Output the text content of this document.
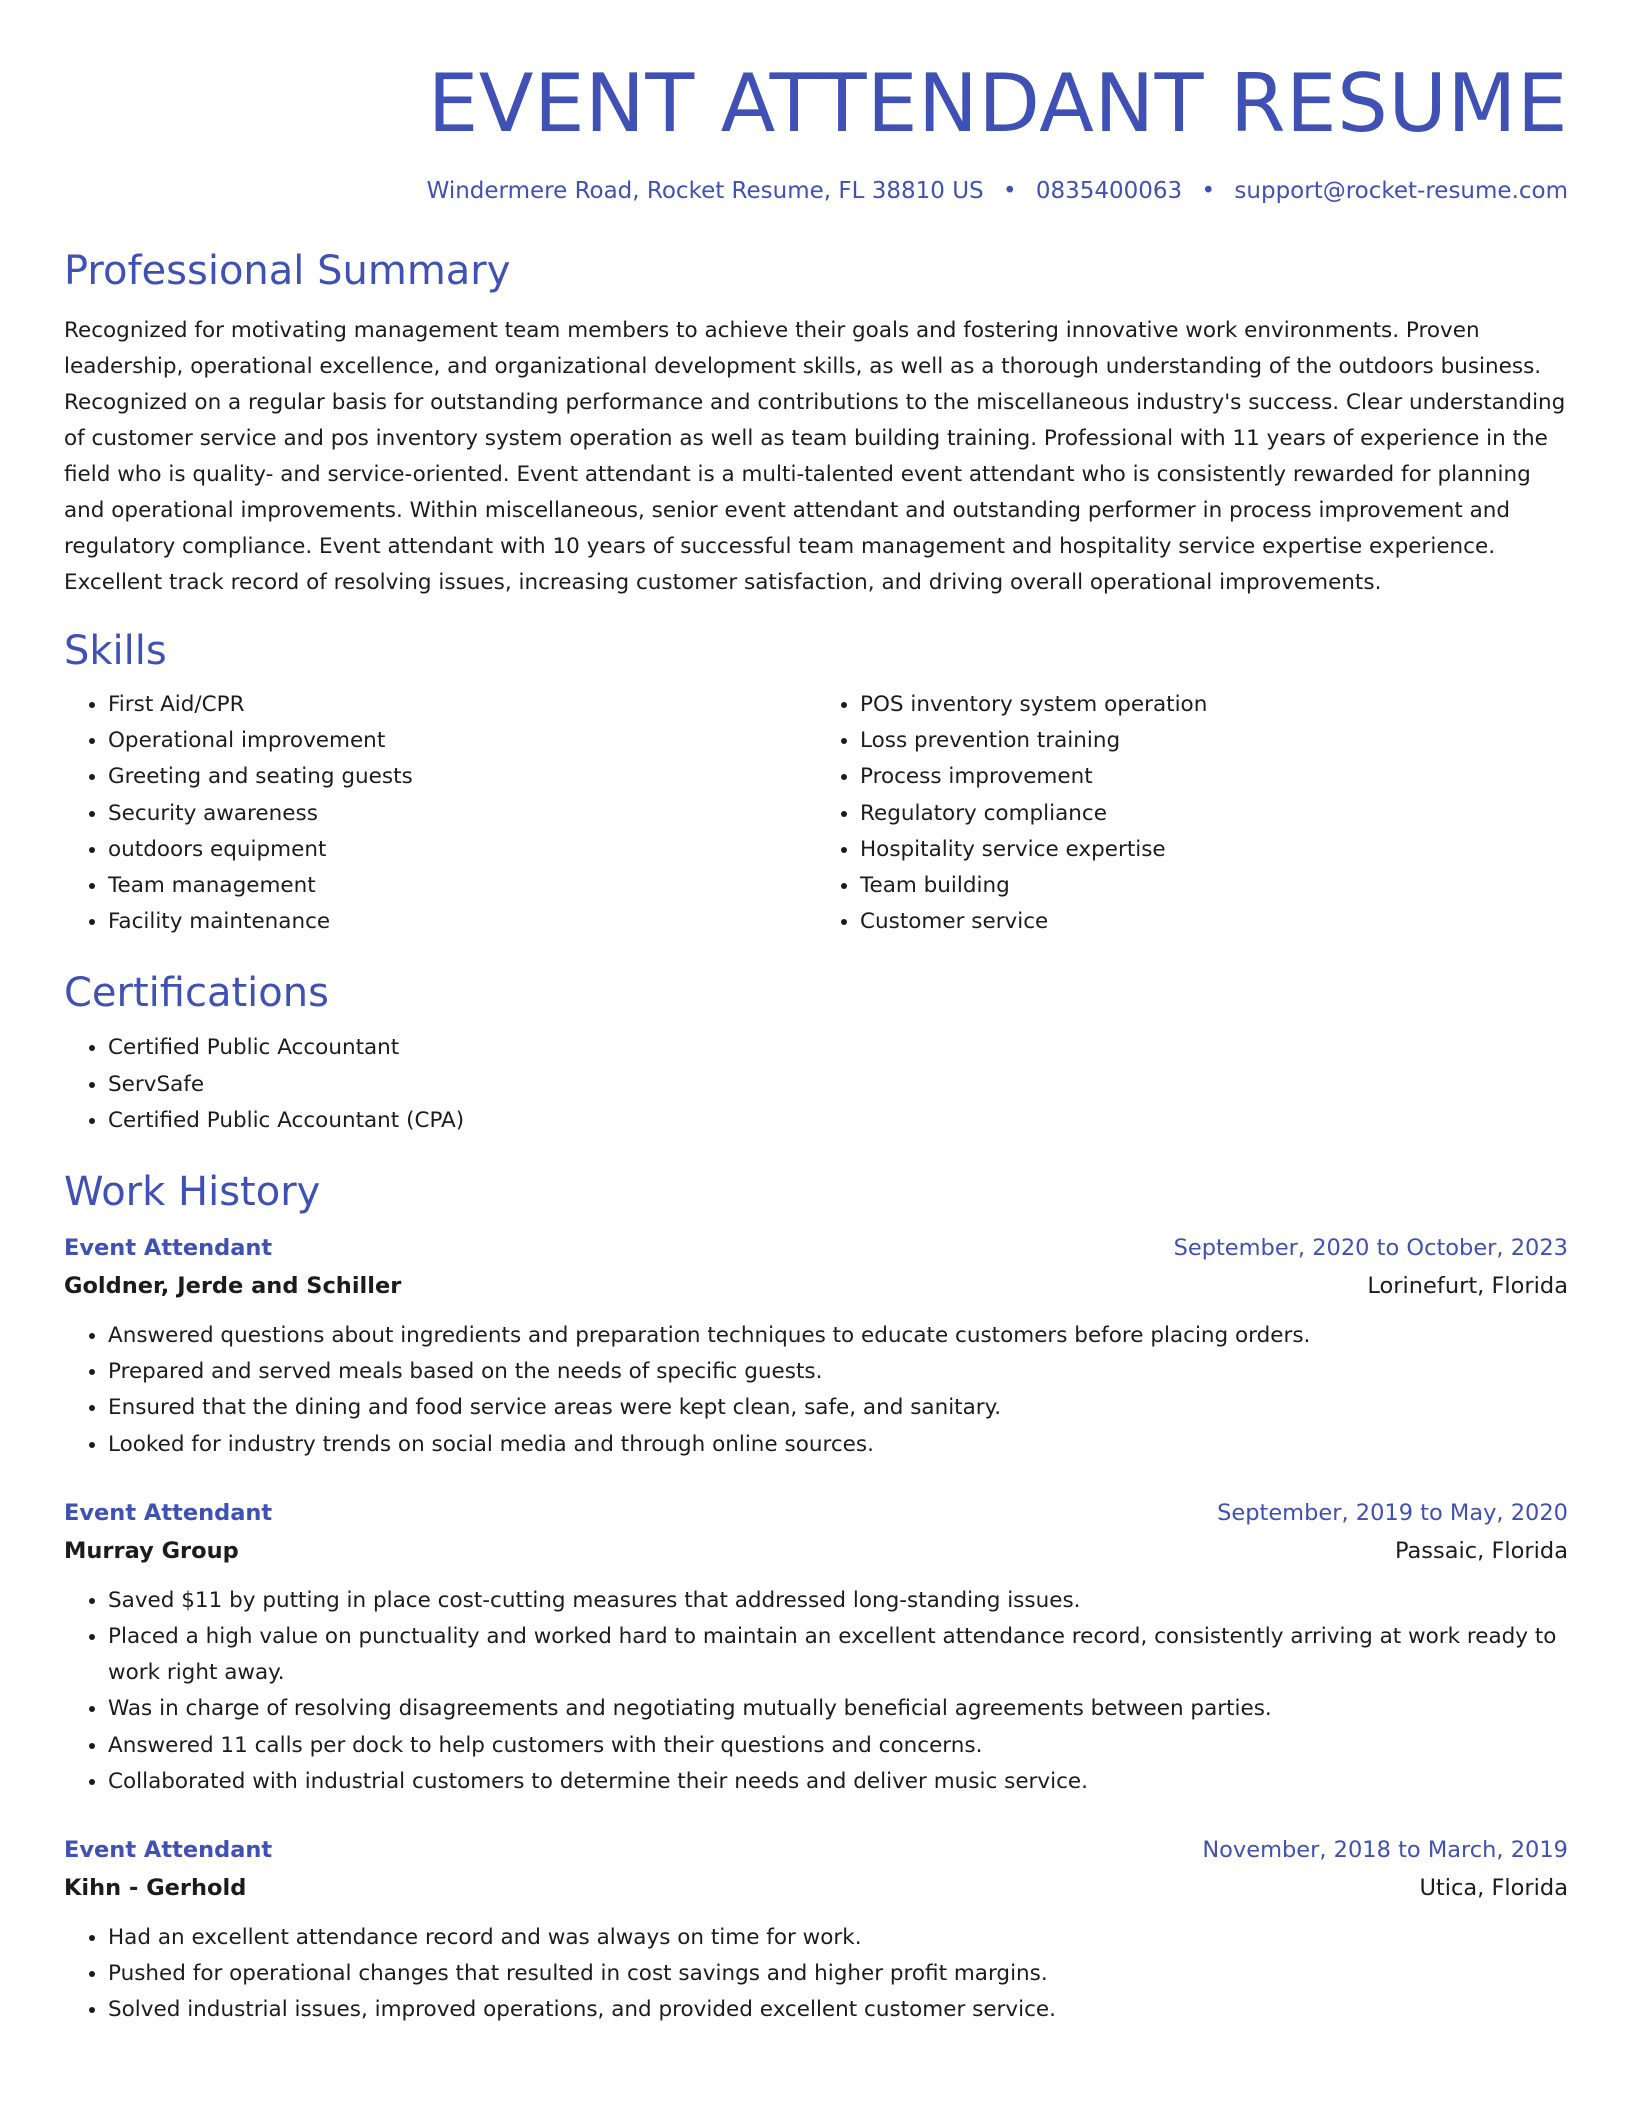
EVENT ATTENDANT RESUME
Windermere Road, Rocket Resume, FL 38810 US • 0835400063 • support@rocket-resume.com
Professional Summary

Recognized for motivating management team members to achieve their goals and fostering innovative work environments. Proven leadership, operational excellence, and organizational development skills, as well as a thorough understanding of the outdoors business. Recognized on a regular basis for outstanding performance and contributions to the miscellaneous industry's success. Clear understanding of customer service and pos inventory system operation as well as team building training. Professional with 11 years of experience in the field who is quality- and service-oriented. Event attendant is a multi-talented event attendant who is consistently rewarded for planning and operational improvements. Within miscellaneous, senior event attendant and outstanding performer in process improvement and regulatory compliance. Event attendant with 10 years of successful team management and hospitality service expertise experience. Excellent track record of resolving issues, increasing customer satisfaction, and driving overall operational improvements.

Skills
• First Aid/CPR
• Operational improvement
• Greeting and seating guests
• Security awareness
• outdoors equipment
• Team management
• Facility maintenance
• POS inventory system operation
• Loss prevention training
• Process improvement
• Regulatory compliance
• Hospitality service expertise
• Team building
• Customer service
Certifications
• Certified Public Accountant
• ServSafe
• Certified Public Accountant (CPA)
Work History
Event Attendant	September, 2020 to October, 2023
Goldner, Jerde and Schiller	Lorinefurt, Florida
• Answered questions about ingredients and preparation techniques to educate customers before placing orders.
• Prepared and served meals based on the needs of specific guests.
• Ensured that the dining and food service areas were kept clean, safe, and sanitary.
• Looked for industry trends on social media and through online sources.
Event Attendant	September, 2019 to May, 2020
Murray Group	Passaic, Florida
• Saved $11 by putting in place cost-cutting measures that addressed long-standing issues.
• Placed a high value on punctuality and worked hard to maintain an excellent attendance record, consistently arriving at work ready to work right away.
• Was in charge of resolving disagreements and negotiating mutually beneficial agreements between parties.
• Answered 11 calls per dock to help customers with their questions and concerns.
• Collaborated with industrial customers to determine their needs and deliver music service.
Event Attendant	November, 2018 to March, 2019
Kihn - Gerhold	Utica, Florida
• Had an excellent attendance record and was always on time for work.
• Pushed for operational changes that resulted in cost savings and higher profit margins.
• Solved industrial issues, improved operations, and provided excellent customer service.
